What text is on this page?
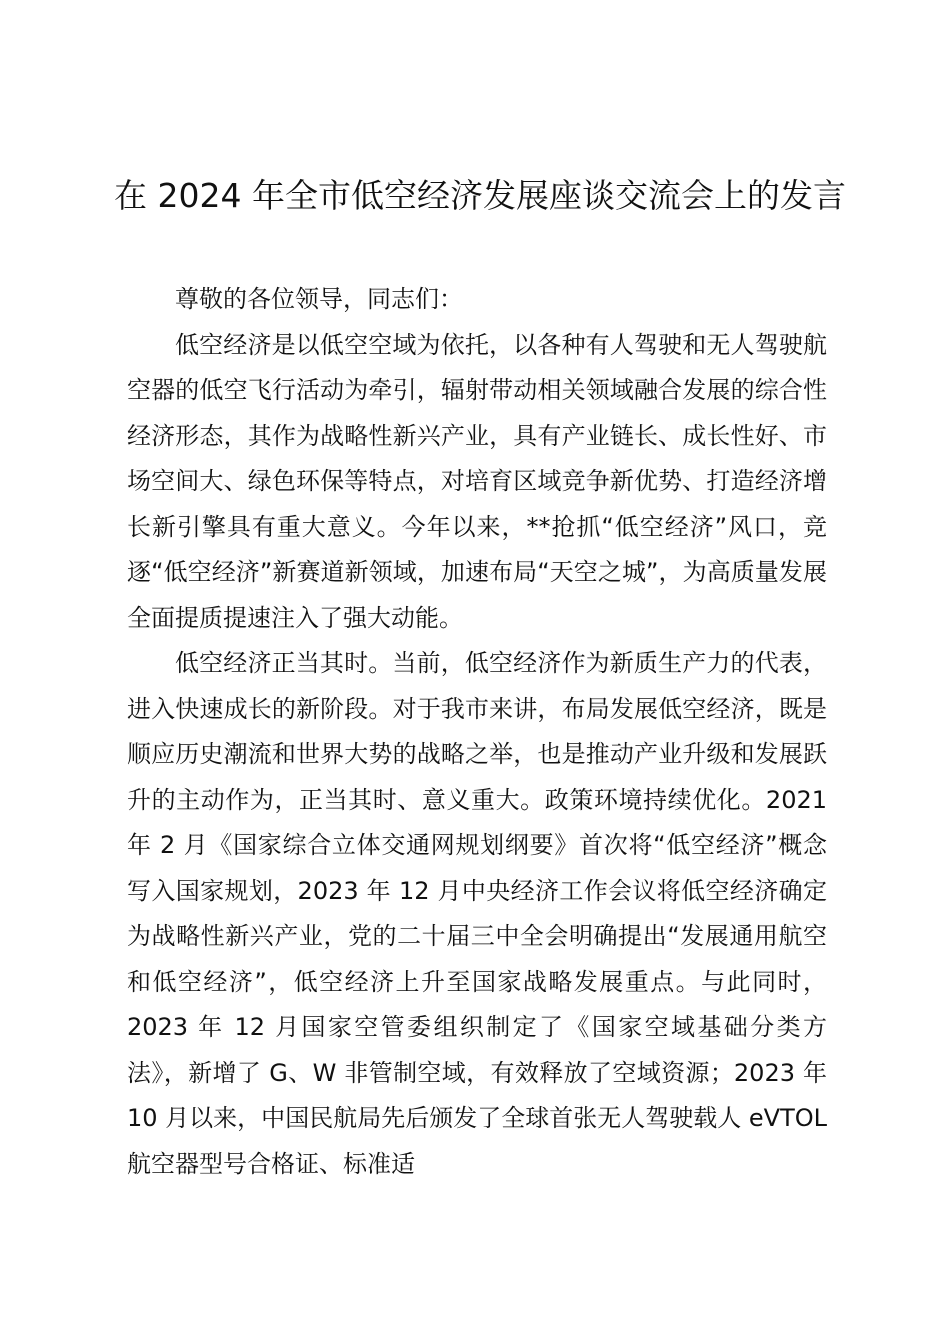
在 2024 年全市低空经济发展座谈交流会上的发言

尊敬的各位领导，同志们：

低空经济是以低空空域为依托，以各种有人驾驶和无人驾驶航空器的低空飞行活动为牵引，辐射带动相关领域融合发展的综合性经济形态，其作为战略性新兴产业，具有产业链长、成长性好、市场空间大、绿色环保等特点，对培育区域竞争新优势、打造经济增长新引擎具有重大意义。今年以来，**抢抓“低空经济”风口，竞逐“低空经济”新赛道新领域，加速布局“天空之城”，为高质量发展全面提质提速注入了强大动能。

低空经济正当其时。当前，低空经济作为新质生产力的代表，进入快速成长的新阶段。对于我市来讲，布局发展低空经济，既是顺应历史潮流和世界大势的战略之举，也是推动产业升级和发展跃升的主动作为，正当其时、意义重大。政策环境持续优化。2021 年 2 月《国家综合立体交通网规划纲要》首次将“低空经济”概念写入国家规划，2023 年 12 月中央经济工作会议将低空经济确定为战略性新兴产业，党的二十届三中全会明确提出“发展通用航空和低空经济”，低空经济上升至国家战略发展重点。与此同时，2023 年 12 月国家空管委组织制定了《国家空域基础分类方法》，新增了 G、W 非管制空域，有效释放了空域资源；2023 年 10 月以来，中国民航局先后颁发了全球首张无人驾驶载人 eVTOL 航空器型号合格证、标准适
